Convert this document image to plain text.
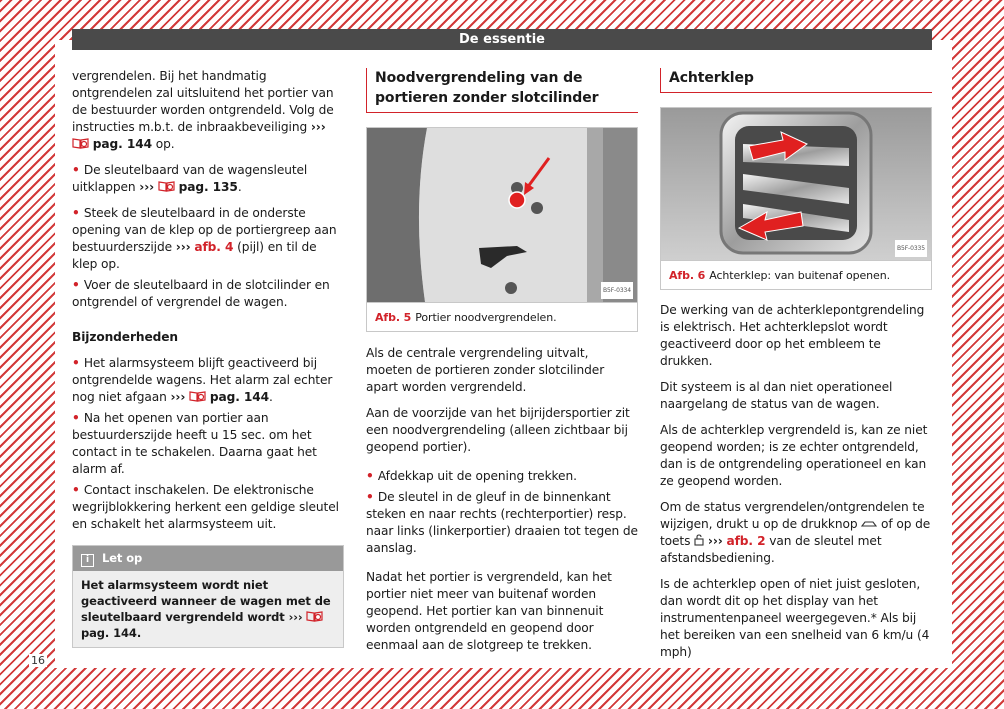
De essentie

vergrendelen. Bij het handmatig ontgrendelen zal uitsluitend het portier van de bestuurder worden ontgrendeld. Volg de instructies m.b.t. de inbraakbeveiliging ›››  pag. 144 op.

• De sleutelbaard van de wagensleutel uitklappen ››› pag. 135.

• Steek de sleutelbaard in de onderste opening van de klep op de portiergreep aan bestuurderszijde ››› afb. 4 (pijl) en til de klep op.

• Voer de sleutelbaard in de slotcilinder en ontgrendel of vergrendel de wagen.

Bijzonderheden

• Het alarmsysteem blijft geactiveerd bij ontgrendelde wagens. Het alarm zal echter nog niet afgaan ››› pag. 144.

• Na het openen van portier aan bestuurderszijde heeft u 15 sec. om het contact in te schakelen. Daarna gaat het alarm af.

• Contact inschakelen. De elektronische wegrijblokkering herkent een geldige sleutel en schakelt het alarmsysteem uit.

i Let op
Het alarmsysteem wordt niet geactiveerd wanneer de wagen met de sleutelbaard vergrendeld wordt ›››  pag. 144.
Noodvergrendeling van de portieren zonder slotcilinder
B5F-0334
Afb. 5 Portier noodvergrendelen.

Als de centrale vergrendeling uitvalt, moeten de portieren zonder slotcilinder apart worden vergrendeld.

Aan de voorzijde van het bijrijdersportier zit een noodvergrendeling (alleen zichtbaar bij geopend portier).

• Afdekkap uit de opening trekken.

• De sleutel in de gleuf in de binnenkant steken en naar rechts (rechterportier) resp. naar links (linkerportier) draaien tot tegen de aanslag.

Nadat het portier is vergrendeld, kan het portier niet meer van buitenaf worden geopend. Het portier kan van binnenuit worden ontgrendeld en geopend door eenmaal aan de slotgreep te trekken.

Achterklep
B5F-0335
Afb. 6 Achterklep: van buitenaf openen.

De werking van de achterklepontgrendeling is elektrisch. Het achterklepslot wordt geactiveerd door op het embleem te drukken.

Dit systeem is al dan niet operationeel naargelang de status van de wagen.

Als de achterklep vergrendeld is, kan ze niet geopend worden; is ze echter ontgrendeld, dan is de ontgrendeling operationeel en kan ze geopend worden.

Om de status vergrendelen/ontgrendelen te wijzigen, drukt u op de drukknop  of op de toets  ››› afb. 2 van de sleutel met afstandsbediening.

Is de achterklep open of niet juist gesloten, dan wordt dit op het display van het instrumentenpaneel weergegeven.* Als bij het bereiken van een snelheid van 6 km/u (4 mph)

16
